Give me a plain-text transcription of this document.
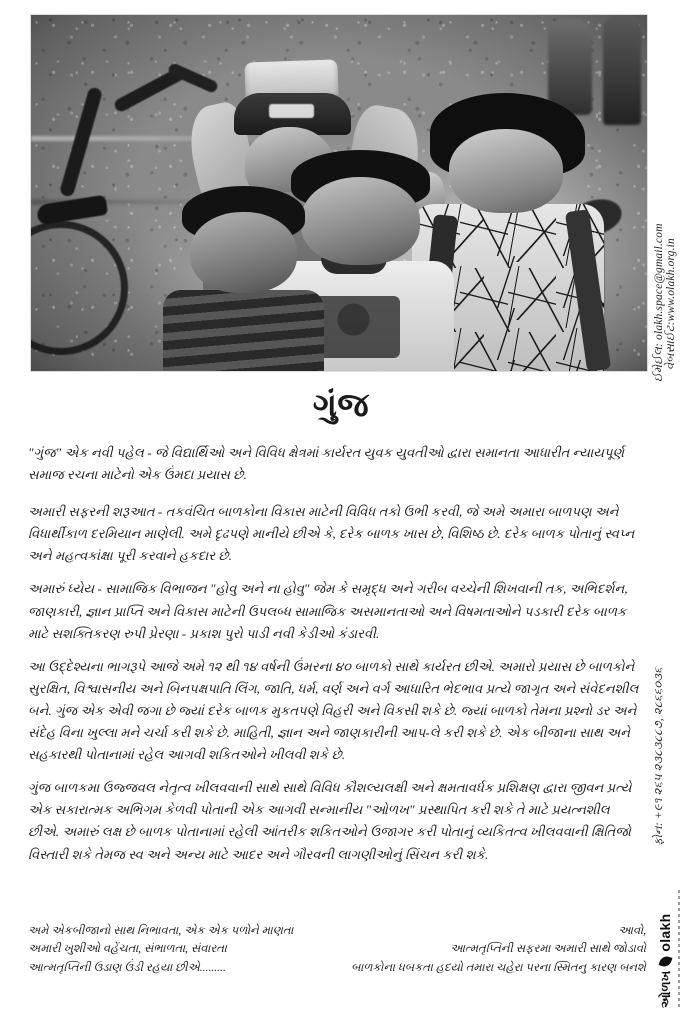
ગુંજ

"ગુંજ" એક નવી પહેલ - જે વિદ્યાર્થિઓ અને વિવિધ ક્ષેત્રમાં કાર્યરત યુવક યુવતીઓ દ્વારા સમાનતા આધારીત ન્યાયપૂર્ણ સમાજ રચના માટેનો એક ઉંમદા પ્રયાસ છે.

અમારી સફરની શરૂઆત - તકવંચિત બાળકોના વિકાસ માટેની વિવિધ તકો ઉભી કરવી, જે અમે અમારા બાળપણ અને વિધાર્થીકાળ દરમિયાન માણેલી. અમે દૃઢપણે માનીયે છીએ કે, દરેક બાળક ખાસ છે, વિશિષ્ઠ છે. દરેક બાળક પોતાનું સ્વપ્ન અને મહત્વકાંક્ષા પૂરી કરવાને હકદાર છે.

અમારું ધ્યેય - સામાજિક વિભાજન "હોવુ અને ના હોવુ" જેમ કે સમૃદ્ધ અને ગરીબ વચ્ચેની શિખવાની તક, અભિદર્શન, જાણકારી, જ્ઞાન પ્રાપ્તિ અને વિકાસ માટેની ઉપલબ્ધ સામાજિક અસમાનતાઓ અને વિષમતાઓને પડકારી દરેક બાળક માટે સશક્તિકરણ રુપી પ્રેરણા - પ્રકાશ પુરો પાડી નવી કેડીઓ કંડારવી.

આ ઉદ્દેશ્યના ભાગરૂપે આજે અમે ૧૨ થી ૧૪ વર્ષની ઉંમરના ૪૦ બાળકો સાથે કાર્યરત છીએ. અમારો પ્રયાસ છે બાળકોને સુરક્ષિત, વિશ્વાસનીય અને બિનપક્ષપાતિ લિંગ, જાતિ, ધર્મ, વર્ણ અને વર્ગ આધારિત ભેદભાવ પ્રત્યે જાગૃત અને સંવેદનશીલ બને. ગુંજ એક એવી જગા છે જ્યાં દરેક બાળક મુકતપણે વિહરી અને વિકસી શકે છે. જ્યાં બાળકો તેમના પ્રશ્નો ડર અને સંદેહ વિના ખુલ્લા મને ચર્ચા કરી શકે છે. માહિતી, જ્ઞાન અને જાણકારીની આપ-લે કરી શકે છે. એક બીજાના સાથ અને સહકારથી પોતાનામાં રહેલ આગવી શકિતઓને ખીલવી શકે છે.

ગુંજ બાળકમા ઉજ્જવલ નેતૃત્વ ખીલવવાની સાથે સાથે વિવિધ કૌશલ્યલક્ષી અને ક્ષમતાવર્ધક પ્રશિક્ષણ દ્વારા જીવન પ્રત્યે એક સકારાત્મક અભિગમ કેળવી પોતાની એક આગવી સન્માનીય "ઓળખ" પ્રસ્થાપિત કરી શકે તે માટે પ્રયત્નશીલ છીએ. અમારું લક્ષ છે બાળક પોતાનામાં રહેલી આંતરીક શકિતઓને ઉજાગર કરી પોતાનું વ્યકિતત્વ ખીલવવાની ક્ષિતિજો વિસ્તારી શકે તેમજ સ્વ અને અન્ય માટે આદર અને ગૌરવની લાગણીઓનું સિંચન કરી શકે.

અમે એકબીજાનો સાથ નિભાવતા, એક એક પળોને માણતા
અમારી ખુશીઓ વહેંચતા, સંભાળતા, સંવારતા
આત્મતૃપ્તિની ઉડાણ ઉંડી રહયા છીએ.........
આવો,
આત્મતૃપ્તિની સફરમા અમારી સાથે જોડાવો
બાળકોના ધબકતા હદયો તમારા ચહેરા પરના સ્મિતનુ કારણ બનશે
વેબસાઈટ:www.olakh.org.in
ઈમેઈલ: olakh.space@gmail.com
ફોન: +૯૧ ૨૬૫ ૨૩૮૩૮૮૭, ૨૮૬૬૦૩૬
ઓળખ
olakh
